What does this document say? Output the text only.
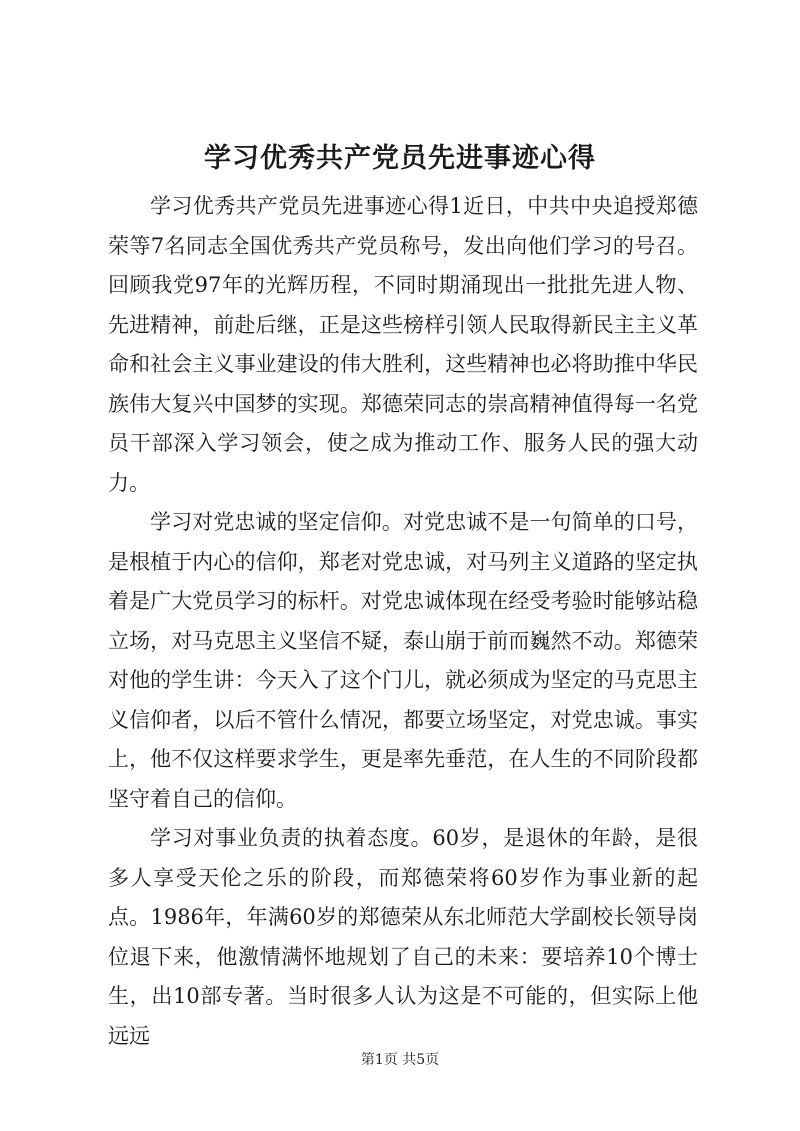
学习优秀共产党员先进事迹心得

学习优秀共产党员先进事迹心得1近日，中共中央追授郑德荣等7名同志全国优秀共产党员称号，发出向他们学习的号召。回顾我党97年的光辉历程，不同时期涌现出一批批先进人物、先进精神，前赴后继，正是这些榜样引领人民取得新民主主义革命和社会主义事业建设的伟大胜利，这些精神也必将助推中华民族伟大复兴中国梦的实现。郑德荣同志的崇高精神值得每一名党员干部深入学习领会，使之成为推动工作、服务人民的强大动力。

学习对党忠诚的坚定信仰。对党忠诚不是一句简单的口号，是根植于内心的信仰，郑老对党忠诚，对马列主义道路的坚定执着是广大党员学习的标杆。对党忠诚体现在经受考验时能够站稳立场，对马克思主义坚信不疑，泰山崩于前而巍然不动。郑德荣对他的学生讲：今天入了这个门儿，就必须成为坚定的马克思主义信仰者，以后不管什么情况，都要立场坚定，对党忠诚。事实上，他不仅这样要求学生，更是率先垂范，在人生的不同阶段都坚守着自己的信仰。

学习对事业负责的执着态度。60岁，是退休的年龄，是很多人享受天伦之乐的阶段，而郑德荣将60岁作为事业新的起点。1986年，年满60岁的郑德荣从东北师范大学副校长领导岗位退下来，他激情满怀地规划了自己的未来：要培养10个博士生，出10部专著。当时很多人认为这是不可能的，但实际上他远远

第1页 共5页
